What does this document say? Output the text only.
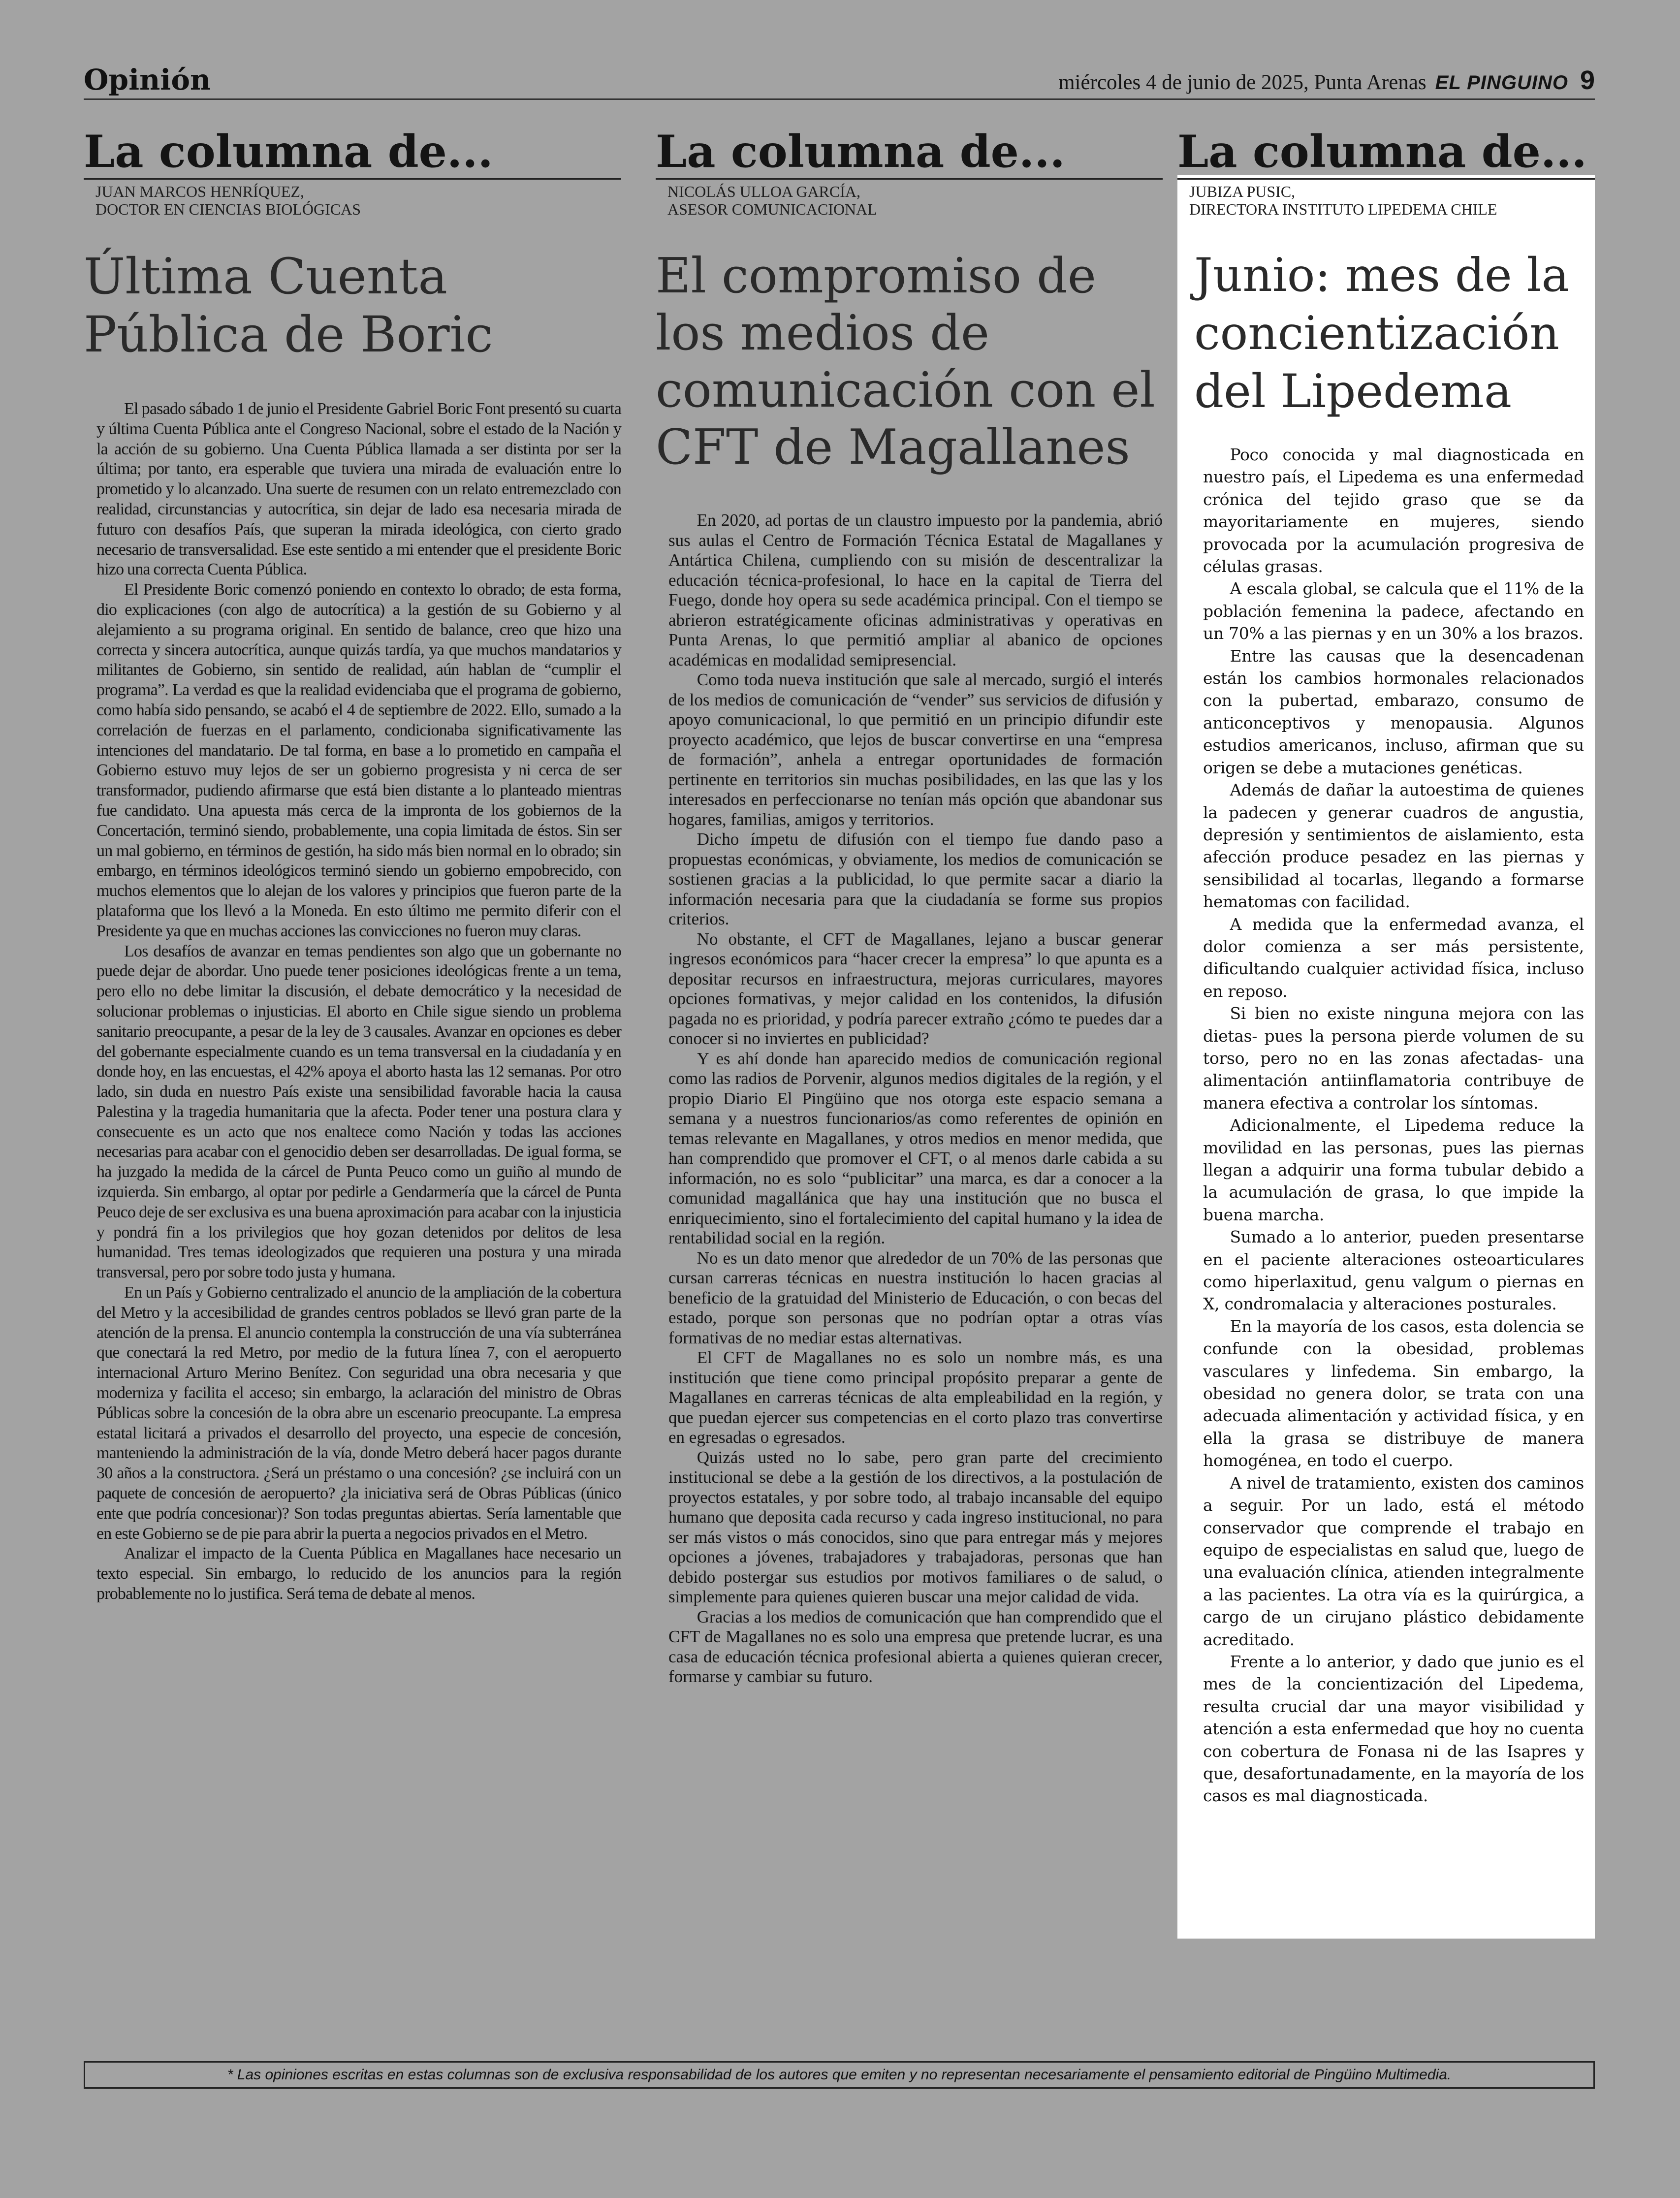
Opinión	miércoles 4 de junio de 2025, Punta Arenas EL PINGUINO 9
La columna de...
JUAN MARCOS HENRÍQUEZ,
DOCTOR EN CIENCIAS BIOLÓGICAS
Última Cuenta Pública de Boric

El pasado sábado 1 de junio el Presidente Gabriel Boric Font presentó su cuarta y última Cuenta Pública ante el Congreso Nacional, sobre el estado de la Nación y la acción de su gobierno. Una Cuenta Pública llamada a ser distinta por ser la última; por tanto, era esperable que tuviera una mirada de evaluación entre lo prometido y lo alcanzado. Una suerte de resumen con un relato entremezclado con realidad, circunstancias y autocrítica, sin dejar de lado esa necesaria mirada de futuro con desafíos País, que superan la mirada ideológica, con cierto grado necesario de transversalidad. Ese este sentido a mi entender que el presidente Boric hizo una correcta Cuenta Pública.

El Presidente Boric comenzó poniendo en contexto lo obrado; de esta forma, dio explicaciones (con algo de autocrítica) a la gestión de su Gobierno y al alejamiento a su programa original. En sentido de balance, creo que hizo una correcta y sincera autocrítica, aunque quizás tardía, ya que muchos mandatarios y militantes de Gobierno, sin sentido de realidad, aún hablan de “cumplir el programa”. La verdad es que la realidad evidenciaba que el programa de gobierno, como había sido pensando, se acabó el 4 de septiembre de 2022. Ello, sumado a la correlación de fuerzas en el parlamento, condicionaba significativamente las intenciones del mandatario. De tal forma, en base a lo prometido en campaña el Gobierno estuvo muy lejos de ser un gobierno progresista y ni cerca de ser transformador, pudiendo afirmarse que está bien distante a lo planteado mientras fue candidato. Una apuesta más cerca de la impronta de los gobiernos de la Concertación, terminó siendo, probablemente, una copia limitada de éstos. Sin ser un mal gobierno, en términos de gestión, ha sido más bien normal en lo obrado; sin embargo, en términos ideológicos terminó siendo un gobierno empobrecido, con muchos elementos que lo alejan de los valores y principios que fueron parte de la plataforma que los llevó a la Moneda. En esto último me permito diferir con el Presidente ya que en muchas acciones las convicciones no fueron muy claras.

Los desafíos de avanzar en temas pendientes son algo que un gobernante no puede dejar de abordar. Uno puede tener posiciones ideológicas frente a un tema, pero ello no debe limitar la discusión, el debate democrático y la necesidad de solucionar problemas o injusticias. El aborto en Chile sigue siendo un problema sanitario preocupante, a pesar de la ley de 3 causales. Avanzar en opciones es deber del gobernante especialmente cuando es un tema transversal en la ciudadanía y en donde hoy, en las encuestas, el 42% apoya el aborto hasta las 12 semanas. Por otro lado, sin duda en nuestro País existe una sensibilidad favorable hacia la causa Palestina y la tragedia humanitaria que la afecta. Poder tener una postura clara y consecuente es un acto que nos enaltece como Nación y todas las acciones necesarias para acabar con el genocidio deben ser desarrolladas. De igual forma, se ha juzgado la medida de la cárcel de Punta Peuco como un guiño al mundo de izquierda. Sin embargo, al optar por pedirle a Gendarmería que la cárcel de Punta Peuco deje de ser exclusiva es una buena aproximación para acabar con la injusticia y pondrá fin a los privilegios que hoy gozan detenidos por delitos de lesa humanidad. Tres temas ideologizados que requieren una postura y una mirada transversal, pero por sobre todo justa y humana.

En un País y Gobierno centralizado el anuncio de la ampliación de la cobertura del Metro y la accesibilidad de grandes centros poblados se llevó gran parte de la atención de la prensa. El anuncio contempla la construcción de una vía subterránea que conectará la red Metro, por medio de la futura línea 7, con el aeropuerto internacional Arturo Merino Benítez. Con seguridad una obra necesaria y que moderniza y facilita el acceso; sin embargo, la aclaración del ministro de Obras Públicas sobre la concesión de la obra abre un escenario preocupante. La empresa estatal licitará a privados el desarrollo del proyecto, una especie de concesión, manteniendo la administración de la vía, donde Metro deberá hacer pagos durante 30 años a la constructora. ¿Será un préstamo o una concesión? ¿se incluirá con un paquete de concesión de aeropuerto? ¿la iniciativa será de Obras Públicas (único ente que podría concesionar)? Son todas preguntas abiertas. Sería lamentable que en este Gobierno se de pie para abrir la puerta a negocios privados en el Metro.

Analizar el impacto de la Cuenta Pública en Magallanes hace necesario un texto especial. Sin embargo, lo reducido de los anuncios para la región probablemente no lo justifica. Será tema de debate al menos.

La columna de...
NICOLÁS ULLOA GARCÍA,
ASESOR COMUNICACIONAL
El compromiso de los medios de comunicación con el CFT de Magallanes

En 2020, ad portas de un claustro impuesto por la pandemia, abrió sus aulas el Centro de Formación Técnica Estatal de Magallanes y Antártica Chilena, cumpliendo con su misión de descentralizar la educación técnica-profesional, lo hace en la capital de Tierra del Fuego, donde hoy opera su sede académica principal. Con el tiempo se abrieron estratégicamente oficinas administrativas y operativas en Punta Arenas, lo que permitió ampliar al abanico de opciones académicas en modalidad semipresencial.

Como toda nueva institución que sale al mercado, surgió el interés de los medios de comunicación de “vender” sus servicios de difusión y apoyo comunicacional, lo que permitió en un principio difundir este proyecto académico, que lejos de buscar convertirse en una “empresa de formación”, anhela a entregar oportunidades de formación pertinente en territorios sin muchas posibilidades, en las que las y los interesados en perfeccionarse no tenían más opción que abandonar sus hogares, familias, amigos y territorios.

Dicho ímpetu de difusión con el tiempo fue dando paso a propuestas económicas, y obviamente, los medios de comunicación se sostienen gracias a la publicidad, lo que permite sacar a diario la información necesaria para que la ciudadanía se forme sus propios criterios.

No obstante, el CFT de Magallanes, lejano a buscar generar ingresos económicos para “hacer crecer la empresa” lo que apunta es a depositar recursos en infraestructura, mejoras curriculares, mayores opciones formativas, y mejor calidad en los contenidos, la difusión pagada no es prioridad, y podría parecer extraño ¿cómo te puedes dar a conocer si no inviertes en publicidad?

Y es ahí donde han aparecido medios de comunicación regional como las radios de Porvenir, algunos medios digitales de la región, y el propio Diario El Pingüino que nos otorga este espacio semana a semana y a nuestros funcionarios/as como referentes de opinión en temas relevante en Magallanes, y otros medios en menor medida, que han comprendido que promover el CFT, o al menos darle cabida a su información, no es solo “publicitar” una marca, es dar a conocer a la comunidad magallánica que hay una institución que no busca el enriquecimiento, sino el fortalecimiento del capital humano y la idea de rentabilidad social en la región.

No es un dato menor que alrededor de un 70% de las personas que cursan carreras técnicas en nuestra institución lo hacen gracias al beneficio de la gratuidad del Ministerio de Educación, o con becas del estado, porque son personas que no podrían optar a otras vías formativas de no mediar estas alternativas.

El CFT de Magallanes no es solo un nombre más, es una institución que tiene como principal propósito preparar a gente de Magallanes en carreras técnicas de alta empleabilidad en la región, y que puedan ejercer sus competencias en el corto plazo tras convertirse en egresadas o egresados.

Quizás usted no lo sabe, pero gran parte del crecimiento institucional se debe a la gestión de los directivos, a la postulación de proyectos estatales, y por sobre todo, al trabajo incansable del equipo humano que deposita cada recurso y cada ingreso institucional, no para ser más vistos o más conocidos, sino que para entregar más y mejores opciones a jóvenes, trabajadores y trabajadoras, personas que han debido postergar sus estudios por motivos familiares o de salud, o simplemente para quienes quieren buscar una mejor calidad de vida.

Gracias a los medios de comunicación que han comprendido que el CFT de Magallanes no es solo una empresa que pretende lucrar, es una casa de educación técnica profesional abierta a quienes quieran crecer, formarse y cambiar su futuro.

La columna de...
JUBIZA PUSIC,
DIRECTORA INSTITUTO LIPEDEMA CHILE
Junio: mes de la concientización del Lipedema

Poco conocida y mal diagnosticada en nuestro país, el Lipedema es una enfermedad crónica del tejido graso que se da mayoritariamente en mujeres, siendo provocada por la acumulación progresiva de células grasas.

A escala global, se calcula que el 11% de la población femenina la padece, afectando en un 70% a las piernas y en un 30% a los brazos.

Entre las causas que la desencadenan están los cambios hormonales relacionados con la pubertad, embarazo, consumo de anticonceptivos y menopausia. Algunos estudios americanos, incluso, afirman que su origen se debe a mutaciones genéticas.

Además de dañar la autoestima de quienes la padecen y generar cuadros de angustia, depresión y sentimientos de aislamiento, esta afección produce pesadez en las piernas y sensibilidad al tocarlas, llegando a formarse hematomas con facilidad.

A medida que la enfermedad avanza, el dolor comienza a ser más persistente, dificultando cualquier actividad física, incluso en reposo.

Si bien no existe ninguna mejora con las dietas- pues la persona pierde volumen de su torso, pero no en las zonas afectadas- una alimentación antiinflamatoria contribuye de manera efectiva a controlar los síntomas.

Adicionalmente, el Lipedema reduce la movilidad en las personas, pues las piernas llegan a adquirir una forma tubular debido a la acumulación de grasa, lo que impide la buena marcha.

Sumado a lo anterior, pueden presentarse en el paciente alteraciones osteoarticulares como hiperlaxitud, genu valgum o piernas en X, condromalacia y alteraciones posturales.

En la mayoría de los casos, esta dolencia se confunde con la obesidad, problemas vasculares y linfedema. Sin embargo, la obesidad no genera dolor, se trata con una adecuada alimentación y actividad física, y en ella la grasa se distribuye de manera homogénea, en todo el cuerpo.

A nivel de tratamiento, existen dos caminos a seguir. Por un lado, está el método conservador que comprende el trabajo en equipo de especialistas en salud que, luego de una evaluación clínica, atienden integralmente a las pacientes. La otra vía es la quirúrgica, a cargo de un cirujano plástico debidamente acreditado.

Frente a lo anterior, y dado que junio es el mes de la concientización del Lipedema, resulta crucial dar una mayor visibilidad y atención a esta enfermedad que hoy no cuenta con cobertura de Fonasa ni de las Isapres y que, desafortunadamente, en la mayoría de los casos es mal diagnosticada.

* Las opiniones escritas en estas columnas son de exclusiva responsabilidad de los autores que emiten y no representan necesariamente el pensamiento editorial de Pingüino Multimedia.
